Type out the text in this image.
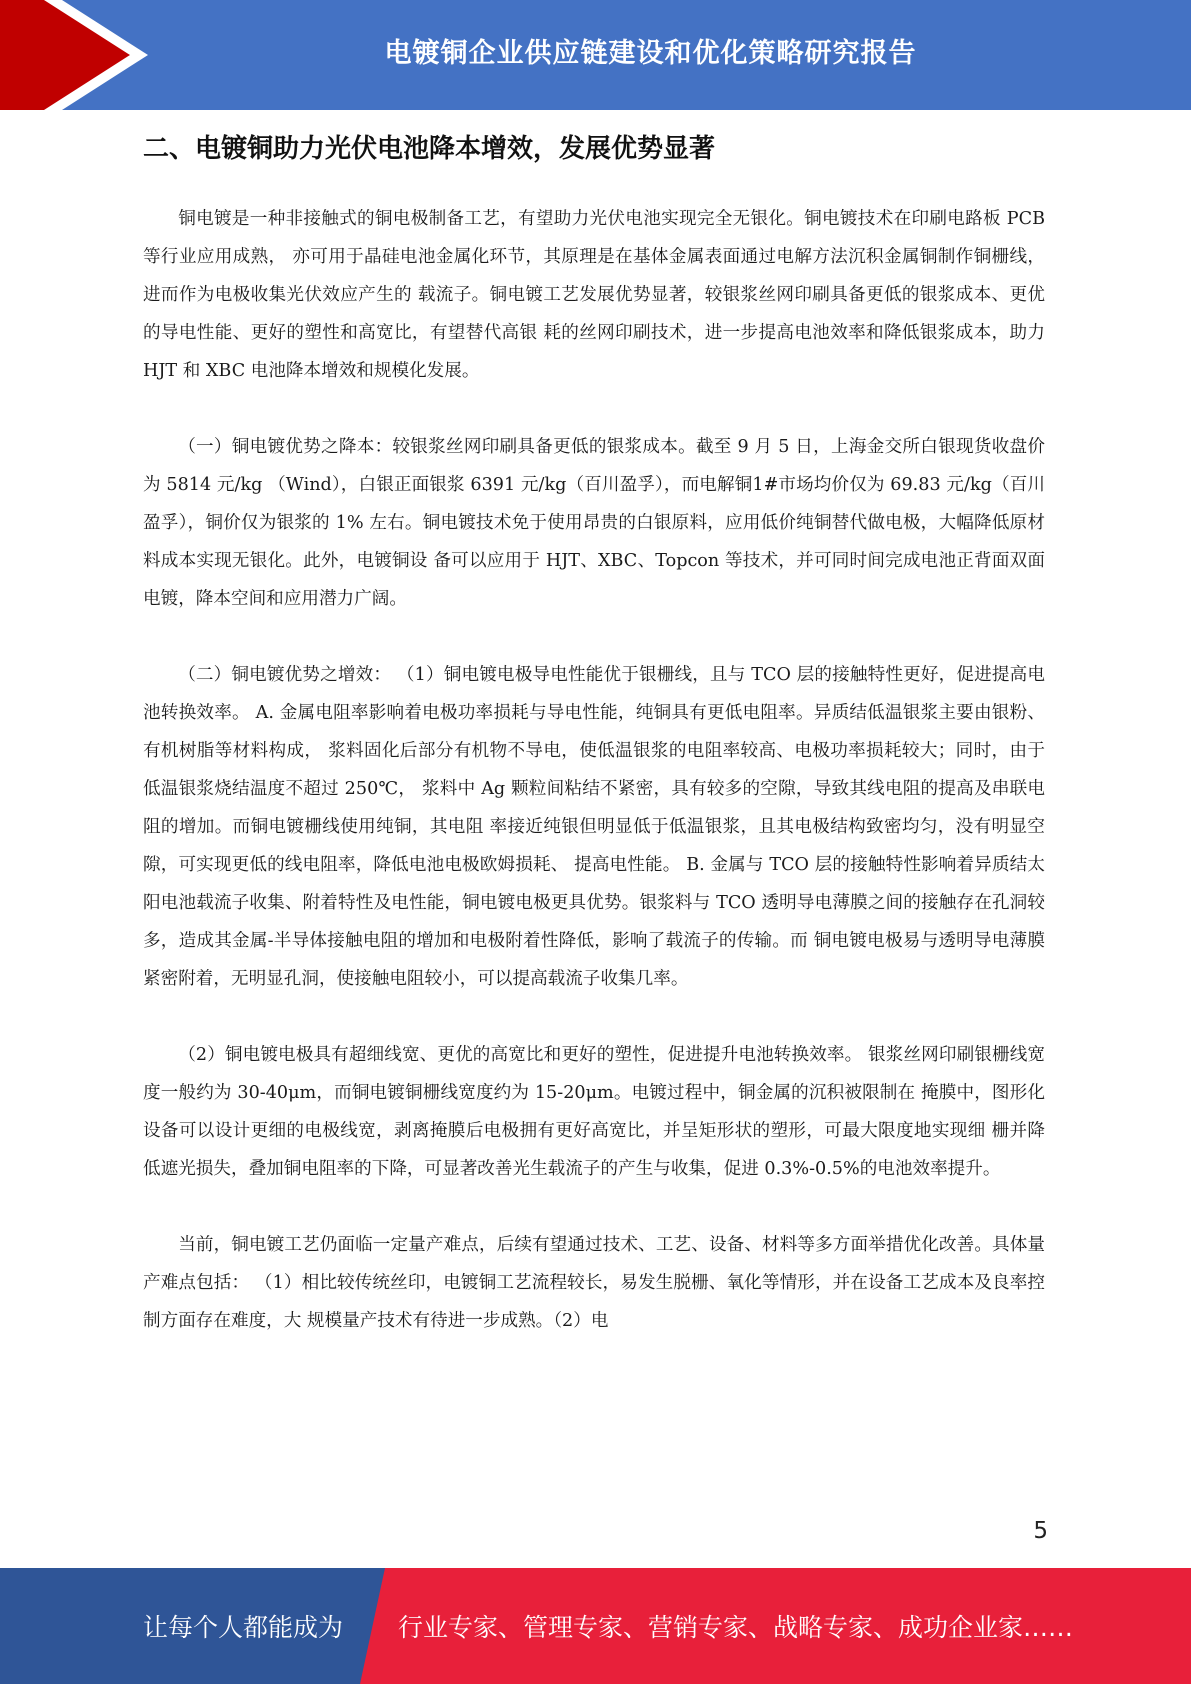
电镀铜企业供应链建设和优化策略研究报告
二、电镀铜助力光伏电池降本增效，发展优势显著

铜电镀是一种非接触式的铜电极制备工艺，有望助力光伏电池实现完全无银化。铜电镀技术在印刷电路板 PCB 等行业应用成熟， 亦可用于晶硅电池金属化环节，其原理是在基体金属表面通过电解方法沉积金属铜制作铜栅线，进而作为电极收集光伏效应产生的 载流子。铜电镀工艺发展优势显著，较银浆丝网印刷具备更低的银浆成本、更优的导电性能、更好的塑性和高宽比，有望替代高银 耗的丝网印刷技术，进一步提高电池效率和降低银浆成本，助力 HJT 和 XBC 电池降本增效和规模化发展。

（一）铜电镀优势之降本：较银浆丝网印刷具备更低的银浆成本。截至 9 月 5 日，上海金交所白银现货收盘价为 5814 元/kg （Wind），白银正面银浆 6391 元/kg（百川盈孚），而电解铜1#市场均价仅为 69.83 元/kg（百川盈孚），铜价仅为银浆的 1% 左右。铜电镀技术免于使用昂贵的白银原料，应用低价纯铜替代做电极，大幅降低原材料成本实现无银化。此外，电镀铜设 备可以应用于 HJT、XBC、Topcon 等技术，并可同时间完成电池正背面双面电镀，降本空间和应用潜力广阔。

（二）铜电镀优势之增效： （1）铜电镀电极导电性能优于银栅线，且与 TCO 层的接触特性更好，促进提高电池转换效率。 A. 金属电阻率影响着电极功率损耗与导电性能，纯铜具有更低电阻率。异质结低温银浆主要由银粉、有机树脂等材料构成， 浆料固化后部分有机物不导电，使低温银浆的电阻率较高、电极功率损耗较大；同时，由于低温银浆烧结温度不超过 250℃， 浆料中 Ag 颗粒间粘结不紧密，具有较多的空隙，导致其线电阻的提高及串联电阻的增加。而铜电镀栅线使用纯铜，其电阻 率接近纯银但明显低于低温银浆，且其电极结构致密均匀，没有明显空隙，可实现更低的线电阻率，降低电池电极欧姆损耗、 提高电性能。 B. 金属与 TCO 层的接触特性影响着异质结太阳电池载流子收集、附着特性及电性能，铜电镀电极更具优势。银浆料与 TCO 透明导电薄膜之间的接触存在孔洞较多，造成其金属-半导体接触电阻的增加和电极附着性降低，影响了载流子的传输。而 铜电镀电极易与透明导电薄膜紧密附着，无明显孔洞，使接触电阻较小，可以提高载流子收集几率。

（2）铜电镀电极具有超细线宽、更优的高宽比和更好的塑性，促进提升电池转换效率。 银浆丝网印刷银栅线宽度一般约为 30-40μm，而铜电镀铜栅线宽度约为 15-20μm。电镀过程中，铜金属的沉积被限制在 掩膜中，图形化设备可以设计更细的电极线宽，剥离掩膜后电极拥有更好高宽比，并呈矩形状的塑形，可最大限度地实现细 栅并降低遮光损失，叠加铜电阻率的下降，可显著改善光生载流子的产生与收集，促进 0.3%-0.5%的电池效率提升。

当前，铜电镀工艺仍面临一定量产难点，后续有望通过技术、工艺、设备、材料等多方面举措优化改善。具体量产难点包括： （1）相比较传统丝印，电镀铜工艺流程较长，易发生脱栅、氧化等情形，并在设备工艺成本及良率控制方面存在难度，大 规模量产技术有待进一步成熟。（2）电

5
让每个人都能成为 行业专家、管理专家、营销专家、战略专家、成功企业家……
